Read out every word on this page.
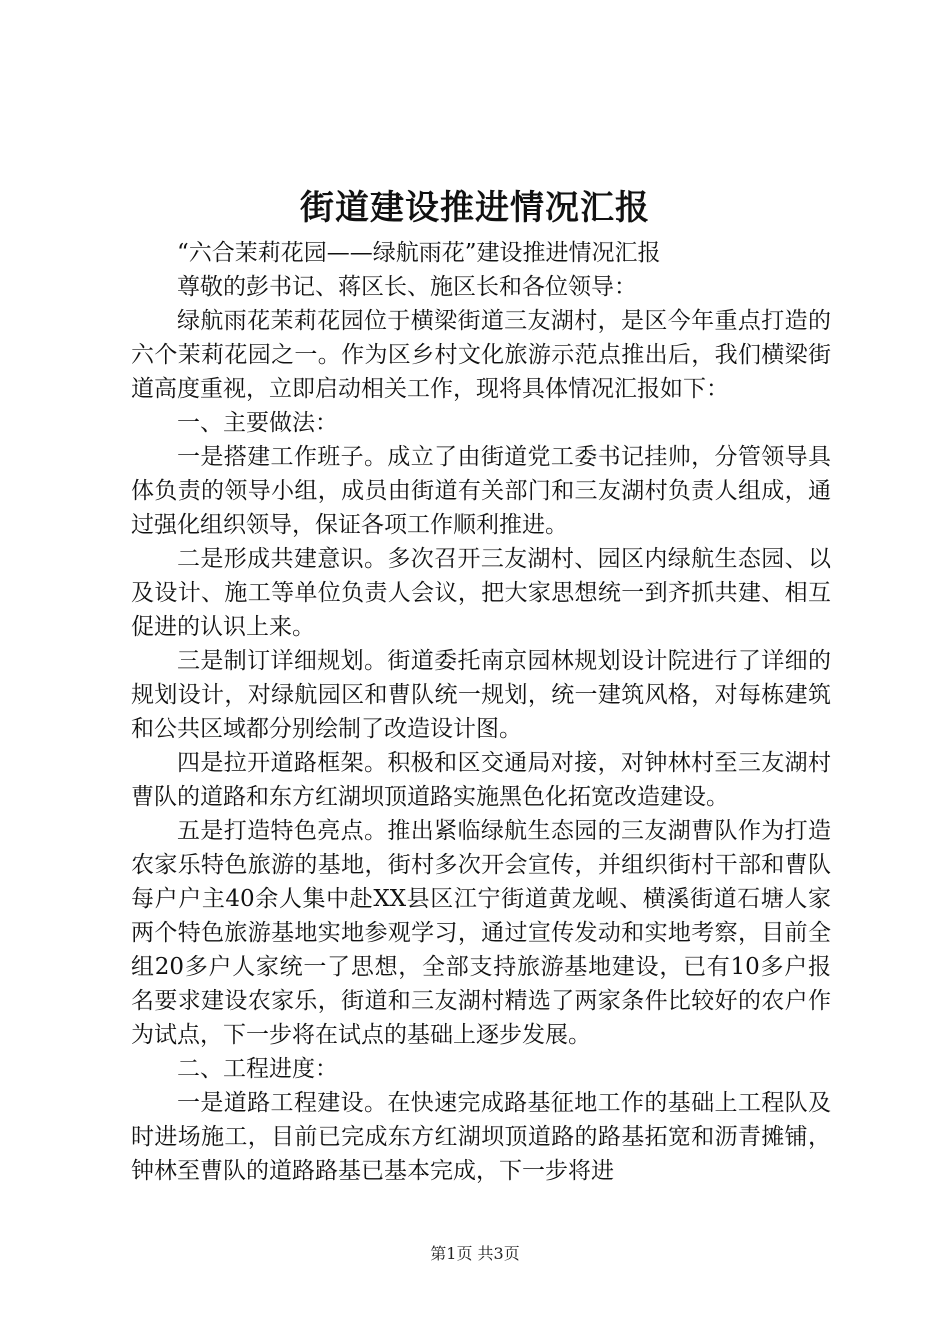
街道建设推进情况汇报

“六合茉莉花园——绿航雨花”建设推进情况汇报

尊敬的彭书记、蒋区长、施区长和各位领导：

绿航雨花茉莉花园位于横梁街道三友湖村，是区今年重点打造的六个茉莉花园之一。作为区乡村文化旅游示范点推出后，我们横梁街道高度重视，立即启动相关工作，现将具体情况汇报如下：

一、主要做法：

一是搭建工作班子。成立了由街道党工委书记挂帅，分管领导具体负责的领导小组，成员由街道有关部门和三友湖村负责人组成，通过强化组织领导，保证各项工作顺利推进。

二是形成共建意识。多次召开三友湖村、园区内绿航生态园、以及设计、施工等单位负责人会议，把大家思想统一到齐抓共建、相互促进的认识上来。

三是制订详细规划。街道委托南京园林规划设计院进行了详细的规划设计，对绿航园区和曹队统一规划，统一建筑风格，对每栋建筑和公共区域都分别绘制了改造设计图。

四是拉开道路框架。积极和区交通局对接，对钟林村至三友湖村曹队的道路和东方红湖坝顶道路实施黑色化拓宽改造建设。

五是打造特色亮点。推出紧临绿航生态园的三友湖曹队作为打造农家乐特色旅游的基地，街村多次开会宣传，并组织街村干部和曹队每户户主40余人集中赴XX县区江宁街道黄龙岘、横溪街道石塘人家两个特色旅游基地实地参观学习，通过宣传发动和实地考察，目前全组20多户人家统一了思想，全部支持旅游基地建设，已有10多户报名要求建设农家乐，街道和三友湖村精选了两家条件比较好的农户作为试点，下一步将在试点的基础上逐步发展。

二、工程进度：

一是道路工程建设。在快速完成路基征地工作的基础上工程队及时进场施工，目前已完成东方红湖坝顶道路的路基拓宽和沥青摊铺，钟林至曹队的道路路基已基本完成，下一步将进

第1页 共3页
